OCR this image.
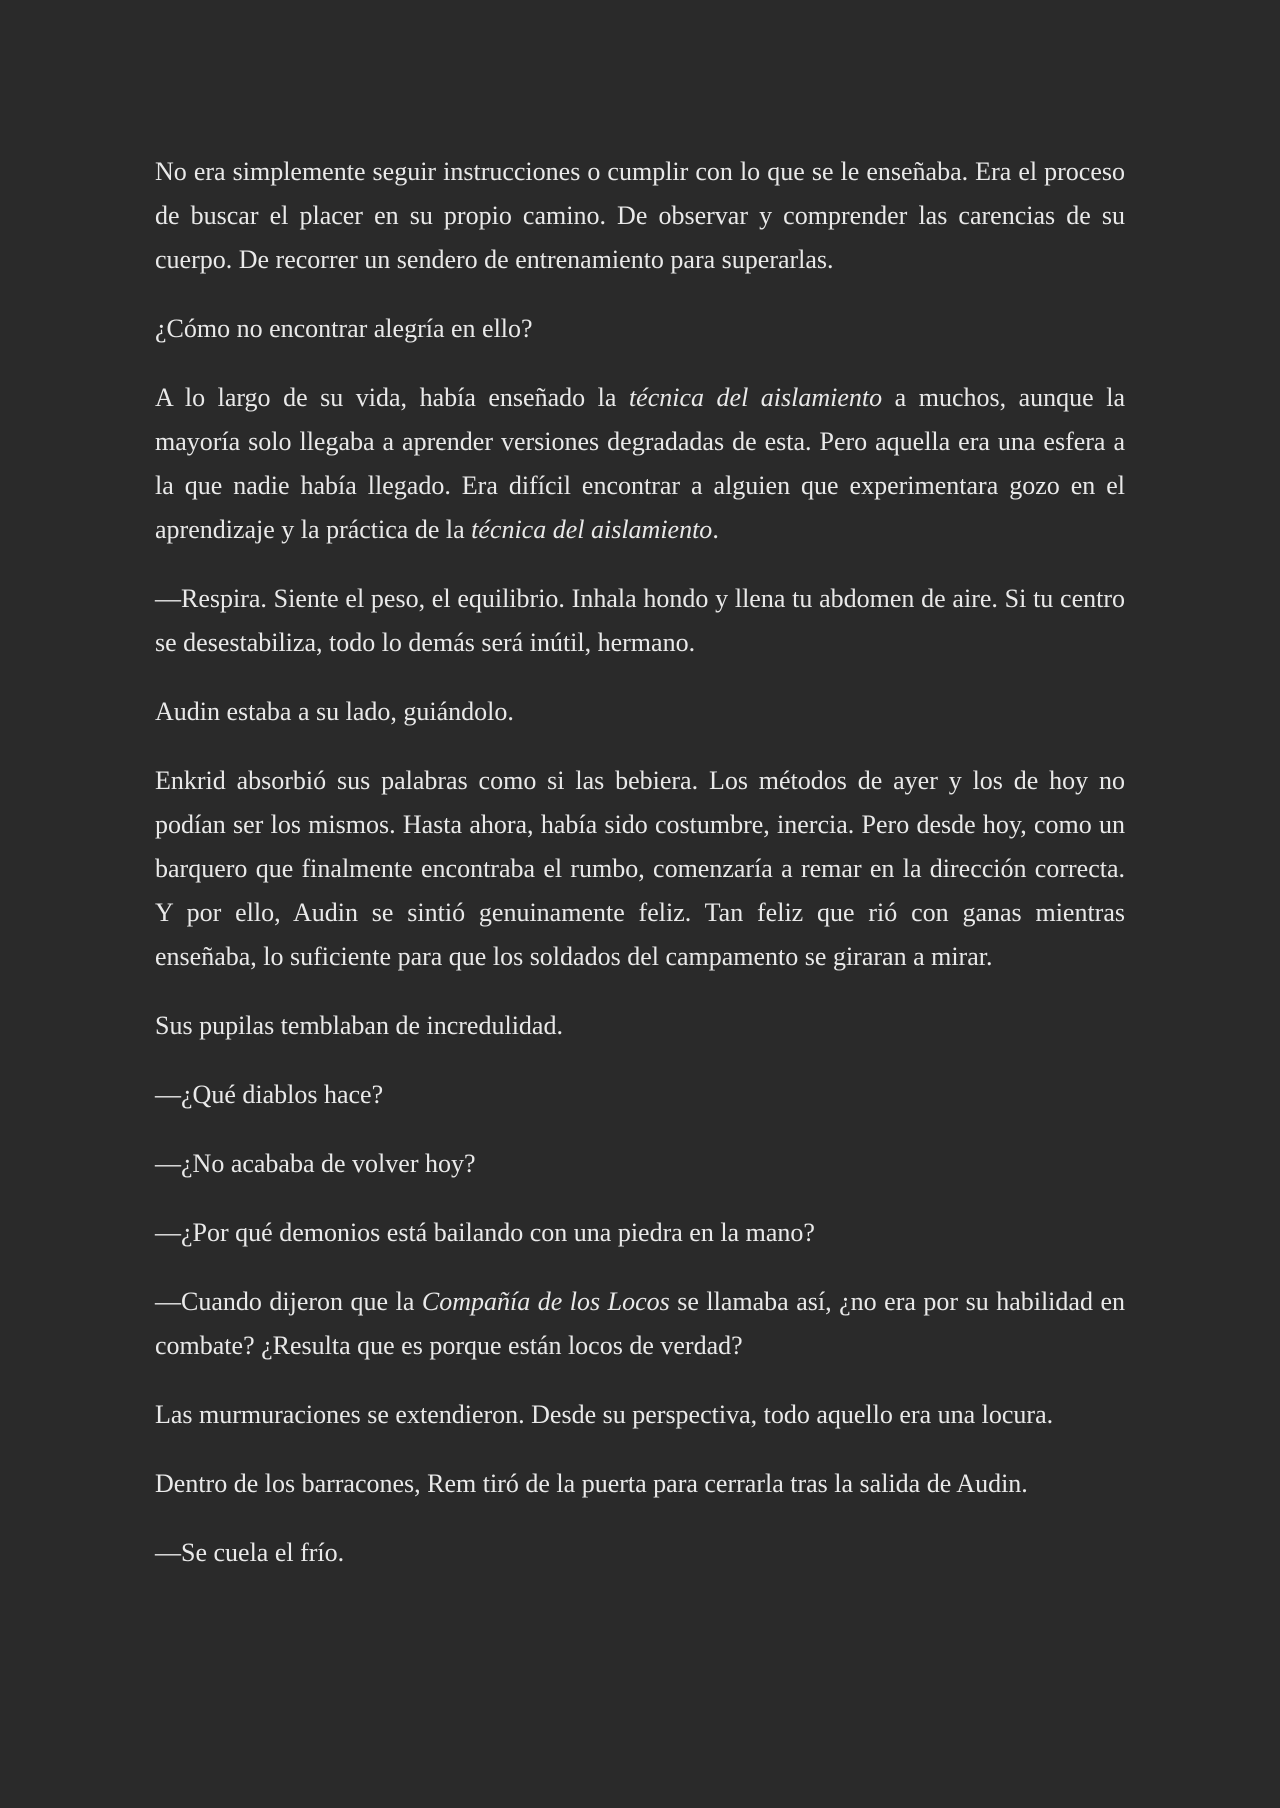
No era simplemente seguir instrucciones o cumplir con lo que se le enseñaba. Era el proceso de buscar el placer en su propio camino. De observar y comprender las carencias de su cuerpo. De recorrer un sendero de entrenamiento para superarlas.

¿Cómo no encontrar alegría en ello?

A lo largo de su vida, había enseñado la técnica del aislamiento a muchos, aunque la mayoría solo llegaba a aprender versiones degradadas de esta. Pero aquella era una esfera a la que nadie había llegado. Era difícil encontrar a alguien que experimentara gozo en el aprendizaje y la práctica de la técnica del aislamiento.

—Respira. Siente el peso, el equilibrio. Inhala hondo y llena tu abdomen de aire. Si tu centro se desestabiliza, todo lo demás será inútil, hermano.

Audin estaba a su lado, guiándolo.

Enkrid absorbió sus palabras como si las bebiera. Los métodos de ayer y los de hoy no podían ser los mismos. Hasta ahora, había sido costumbre, inercia. Pero desde hoy, como un barquero que finalmente encontraba el rumbo, comenzaría a remar en la dirección correcta. Y por ello, Audin se sintió genuinamente feliz. Tan feliz que rió con ganas mientras enseñaba, lo suficiente para que los soldados del campamento se giraran a mirar.

Sus pupilas temblaban de incredulidad.

—¿Qué diablos hace?

—¿No acababa de volver hoy?

—¿Por qué demonios está bailando con una piedra en la mano?

—Cuando dijeron que la Compañía de los Locos se llamaba así, ¿no era por su habilidad en combate? ¿Resulta que es porque están locos de verdad?

Las murmuraciones se extendieron. Desde su perspectiva, todo aquello era una locura.

Dentro de los barracones, Rem tiró de la puerta para cerrarla tras la salida de Audin.

—Se cuela el frío.
